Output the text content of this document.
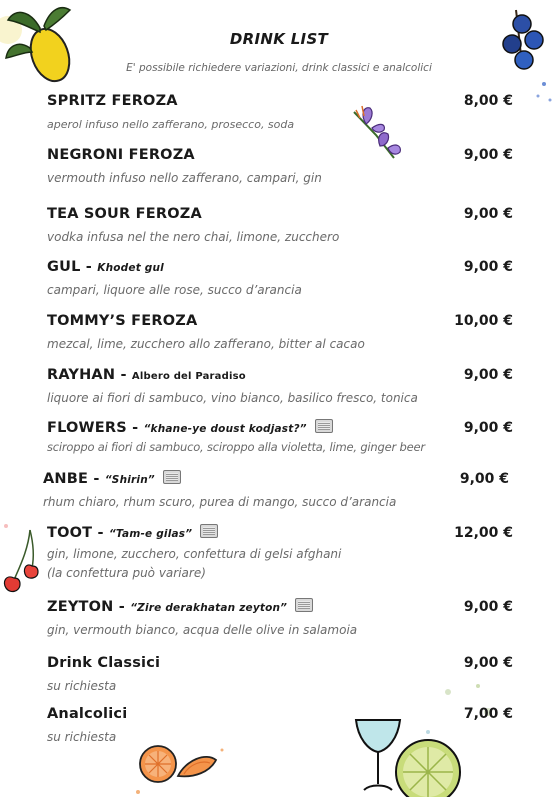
DRINK LIST
E' possibile richiedere variazioni, drink classici e analcolici
SPRITZ FEROZA	8,00 €
aperol infuso nello zafferano, prosecco, soda
NEGRONI FEROZA	9,00 €
vermouth infuso nello zafferano, campari, gin
TEA SOUR FEROZA	9,00 €
vodka infusa nel the nero chai, limone, zucchero
GUL - Khodet gul	9,00 €
campari, liquore alle rose, succo d’arancia
TOMMY’S FEROZA	10,00 €
mezcal, lime, zucchero allo zafferano, bitter al cacao
RAYHAN - Albero del Paradiso	9,00 €
liquore ai fiori di sambuco, vino bianco, basilico fresco, tonica
FLOWERS - “khane-ye doust kodjast?”	9,00 €
sciroppo ai fiori di sambuco, sciroppo alla violetta, lime, ginger beer
ANBE - “Shirin”	9,00 €
rhum chiaro, rhum scuro, purea di mango, succo d’arancia
TOOT - “Tam-e gilas”	12,00 €
gin, limone, zucchero, confettura di gelsi afghani
(la confettura può variare)
ZEYTON - “Zire derakhatan zeyton”	9,00 €
gin, vermouth bianco, acqua delle olive in salamoia
Drink Classici	9,00 €
su richiesta
Analcolici	7,00 €
su richiesta
